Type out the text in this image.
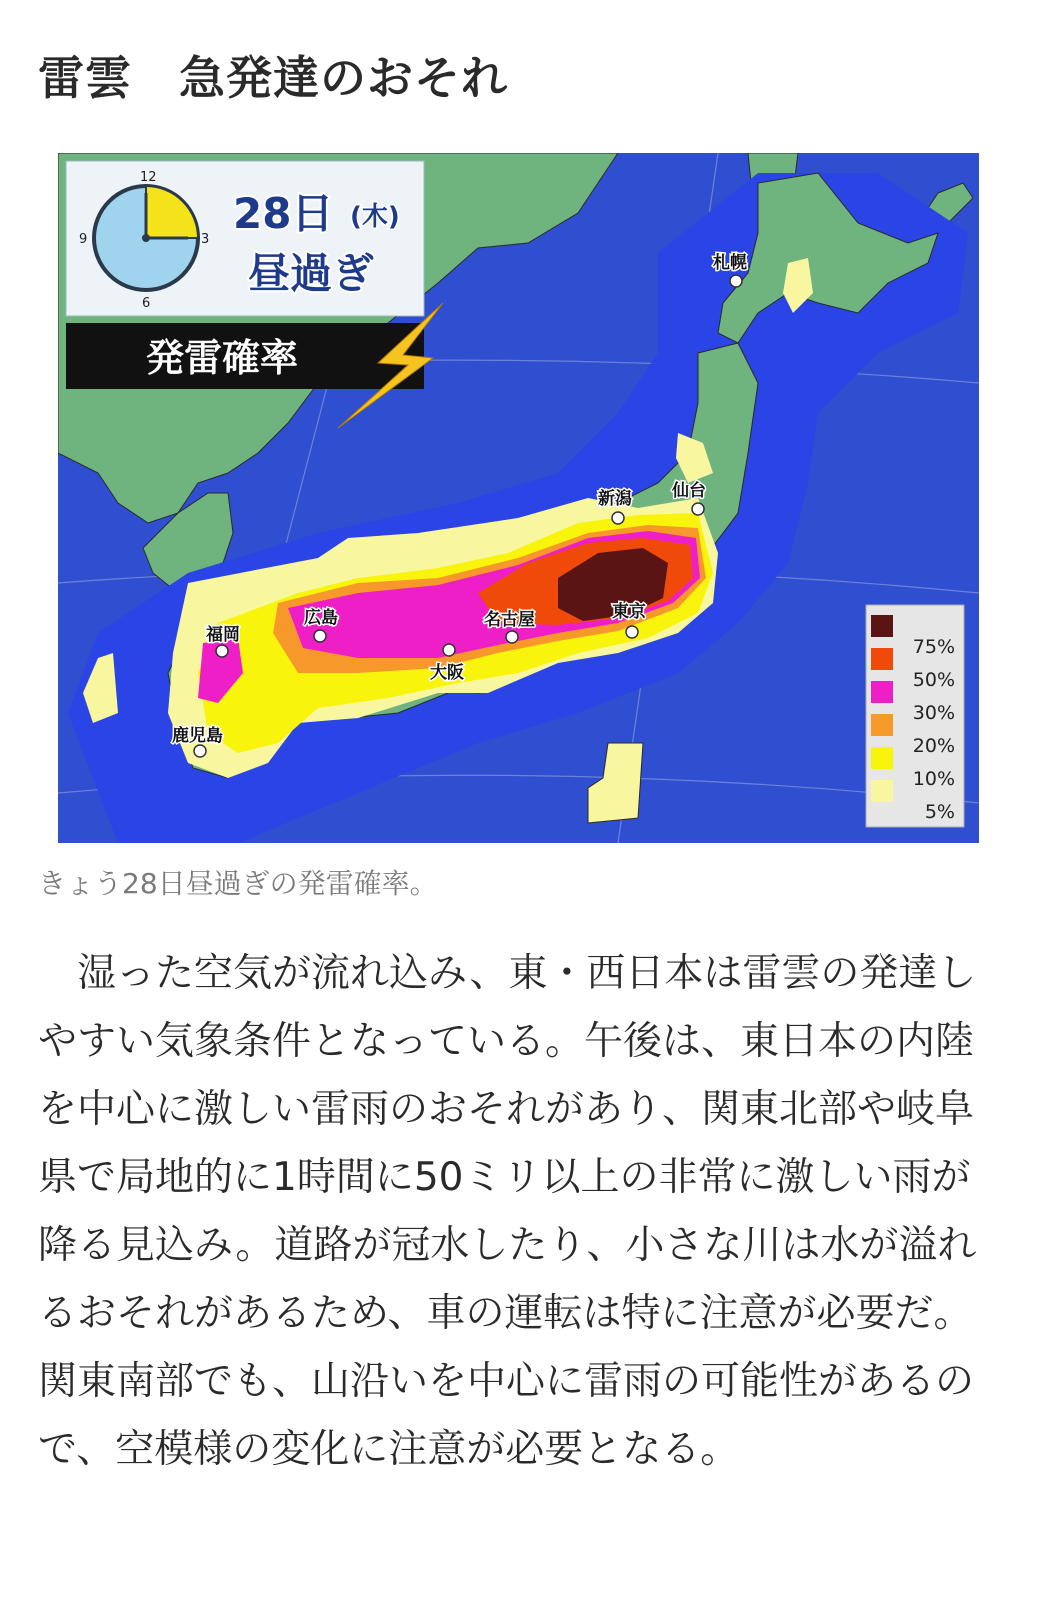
雷雲　急発達のおそれ
札幌
仙台
新潟
東京
名古屋
大阪
広島
福岡
鹿児島
12
3
6
9
28日 (木)
昼過ぎ
発雷確率
75%
50%
30%
20%
10%
5%
きょう28日昼過ぎの発雷確率。

湿った空気が流れ込み、東・西日本は雷雲の発達しやすい気象条件となっている。午後は、東日本の内陸を中心に激しい雷雨のおそれがあり、関東北部や岐阜県で局地的に1時間に50ミリ以上の非常に激しい雨が降る見込み。道路が冠水したり、小さな川は水が溢れるおそれがあるため、車の運転は特に注意が必要だ。関東南部でも、山沿いを中心に雷雨の可能性があるので、空模様の変化に注意が必要となる。
